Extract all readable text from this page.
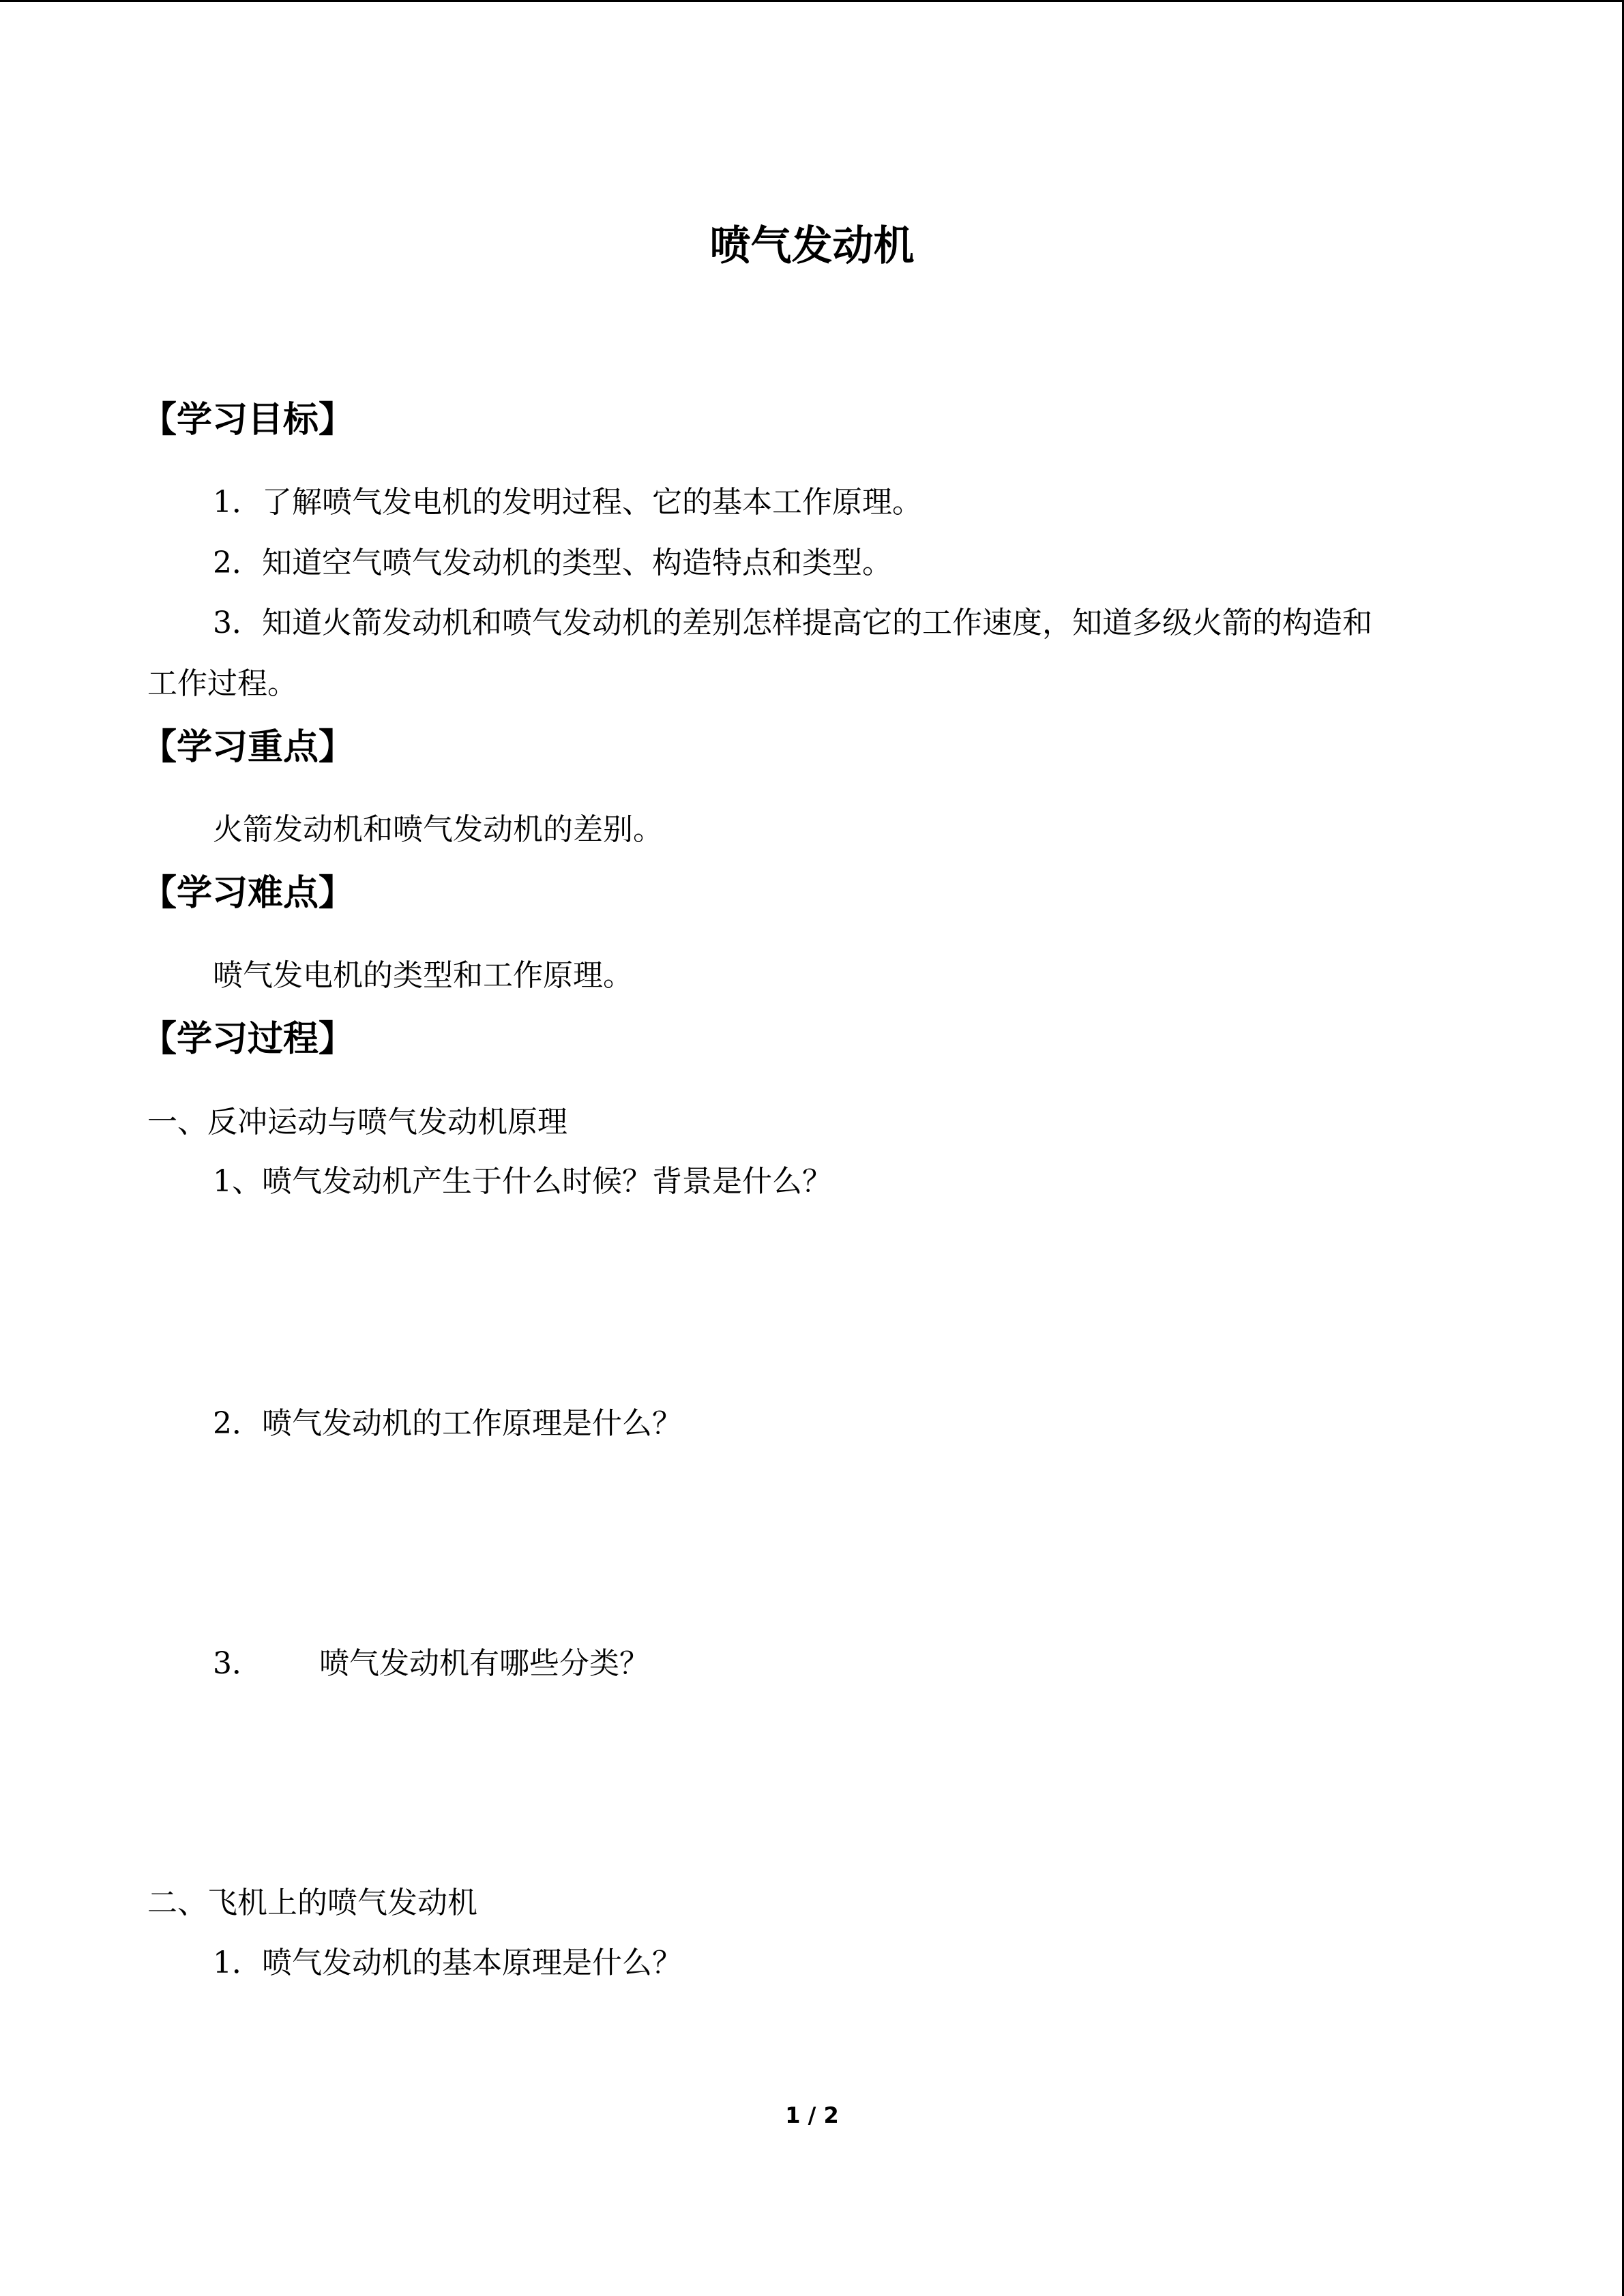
喷气发动机
【学习目标】
1．了解喷气发电机的发明过程、它的基本工作原理。
2．知道空气喷气发动机的类型、构造特点和类型。
3．知道火箭发动机和喷气发动机的差别怎样提高它的工作速度，知道多级火箭的构造和
工作过程。
【学习重点】
火箭发动机和喷气发动机的差别。
【学习难点】
喷气发电机的类型和工作原理。
【学习过程】
一、反冲运动与喷气发动机原理
1、喷气发动机产生于什么时候？背景是什么？
2．喷气发动机的工作原理是什么？
3． 喷气发动机有哪些分类？
二、飞机上的喷气发动机
1．喷气发动机的基本原理是什么？
1 / 2
